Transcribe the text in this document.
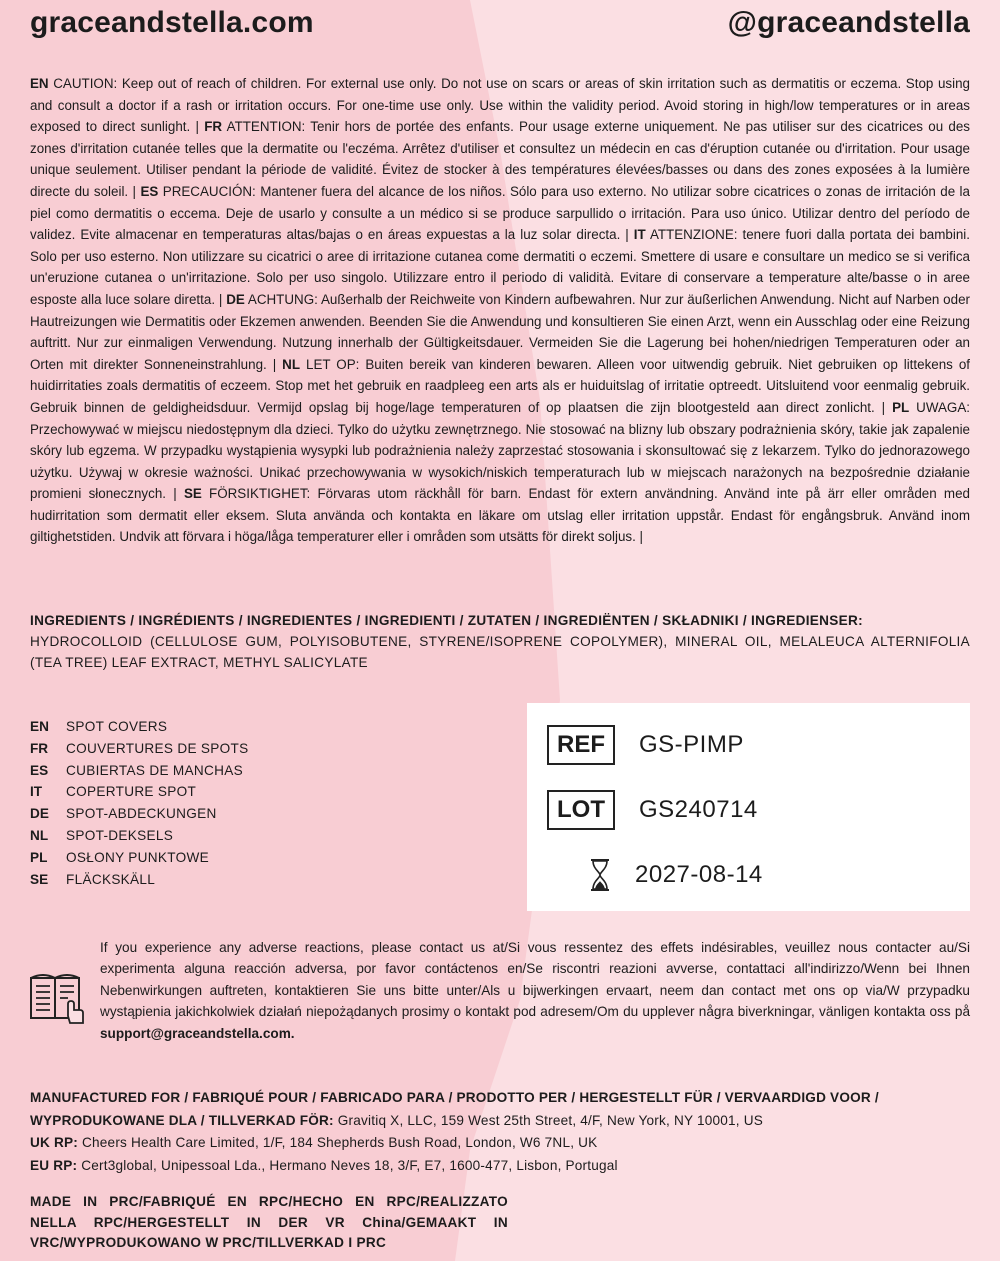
graceandstella.com	@graceandstella
EN CAUTION: Keep out of reach of children. For external use only. Do not use on scars or areas of skin irritation such as dermatitis or eczema. Stop using and consult a doctor if a rash or irritation occurs. For one-time use only. Use within the validity period. Avoid storing in high/low temperatures or in areas exposed to direct sunlight. | FR ATTENTION: Tenir hors de portée des enfants. Pour usage externe uniquement. Ne pas utiliser sur des cicatrices ou des zones d'irritation cutanée telles que la dermatite ou l'eczéma. Arrêtez d'utiliser et consultez un médecin en cas d'éruption cutanée ou d'irritation. Pour usage unique seulement. Utiliser pendant la période de validité. Évitez de stocker à des températures élevées/basses ou dans des zones exposées à la lumière directe du soleil. | ES PRECAUCIÓN: Mantener fuera del alcance de los niños. Sólo para uso externo. No utilizar sobre cicatrices o zonas de irritación de la piel como dermatitis o eccema. Deje de usarlo y consulte a un médico si se produce sarpullido o irritación. Para uso único. Utilizar dentro del período de validez. Evite almacenar en temperaturas altas/bajas o en áreas expuestas a la luz solar directa. | IT ATTENZIONE: tenere fuori dalla portata dei bambini. Solo per uso esterno. Non utilizzare su cicatrici o aree di irritazione cutanea come dermatiti o eczemi. Smettere di usare e consultare un medico se si verifica un'eruzione cutanea o un'irritazione. Solo per uso singolo. Utilizzare entro il periodo di validità. Evitare di conservare a temperature alte/basse o in aree esposte alla luce solare diretta. | DE ACHTUNG: Außerhalb der Reichweite von Kindern aufbewahren. Nur zur äußerlichen Anwendung. Nicht auf Narben oder Hautreizungen wie Dermatitis oder Ekzemen anwenden. Beenden Sie die Anwendung und konsultieren Sie einen Arzt, wenn ein Ausschlag oder eine Reizung auftritt. Nur zur einmaligen Verwendung. Nutzung innerhalb der Gültigkeitsdauer. Vermeiden Sie die Lagerung bei hohen/niedrigen Temperaturen oder an Orten mit direkter Sonneneinstrahlung. | NL LET OP: Buiten bereik van kinderen bewaren. Alleen voor uitwendig gebruik. Niet gebruiken op littekens of huidirritaties zoals dermatitis of eczeem. Stop met het gebruik en raadpleeg een arts als er huiduitslag of irritatie optreedt. Uitsluitend voor eenmalig gebruik. Gebruik binnen de geldigheidsduur. Vermijd opslag bij hoge/lage temperaturen of op plaatsen die zijn blootgesteld aan direct zonlicht. | PL UWAGA: Przechowywać w miejscu niedostępnym dla dzieci. Tylko do użytku zewnętrznego. Nie stosować na blizny lub obszary podrażnienia skóry, takie jak zapalenie skóry lub egzema. W przypadku wystąpienia wysypki lub podrażnienia należy zaprzestać stosowania i skonsultować się z lekarzem. Tylko do jednorazowego użytku. Używaj w okresie ważności. Unikać przechowywania w wysokich/niskich temperaturach lub w miejscach narażonych na bezpośrednie działanie promieni słonecznych. | SE FÖRSIKTIGHET: Förvaras utom räckhåll för barn. Endast för extern användning. Använd inte på ärr eller områden med hudirritation som dermatit eller eksem. Sluta använda och kontakta en läkare om utslag eller irritation uppstår. Endast för engångsbruk. Använd inom giltighetstiden. Undvik att förvara i höga/låga temperaturer eller i områden som utsätts för direkt soljus. |
INGREDIENTS / INGRÉDIENTS / INGREDIENTES / INGREDIENTI / ZUTATEN / INGREDIËNTEN / SKŁADNIKI / INGREDIENSER:
HYDROCOLLOID (CELLULOSE GUM, POLYISOBUTENE, STYRENE/ISOPRENE COPOLYMER), MINERAL OIL, MELALEUCA ALTERNIFOLIA (TEA TREE) LEAF EXTRACT, METHYL SALICYLATE
EN	SPOT COVERS
FR	COUVERTURES DE SPOTS
ES	CUBIERTAS DE MANCHAS
IT	COPERTURE SPOT
DE	SPOT-ABDECKUNGEN
NL	SPOT-DEKSELS
PL	OSŁONY PUNKTOWE
SE	FLÄCKSKÄLL
REF	GS-PIMP
LOT	GS240714
2027-08-14
If you experience any adverse reactions, please contact us at/Si vous ressentez des effets indésirables, veuillez nous contacter au/Si experimenta alguna reacción adversa, por favor contáctenos en/Se riscontri reazioni avverse, contattaci all'indirizzo/Wenn bei Ihnen Nebenwirkungen auftreten, kontaktieren Sie uns bitte unter/Als u bijwerkingen ervaart, neem dan contact met ons op via/W przypadku wystąpienia jakichkolwiek działań niepożądanych prosimy o kontakt pod adresem/Om du upplever några biverkningar, vänligen kontakta oss på support@graceandstella.com.
MANUFACTURED FOR / FABRIQUÉ POUR / FABRICADO PARA / PRODOTTO PER / HERGESTELLT FÜR / VERVAARDIGD VOOR / WYPRODUKOWANE DLA / TILLVERKAD FÖR: Gravitiq X, LLC, 159 West 25th Street, 4/F, New York, NY 10001, US
UK RP: Cheers Health Care Limited, 1/F, 184 Shepherds Bush Road, London, W6 7NL, UK
EU RP: Cert3global, Unipessoal Lda., Hermano Neves 18, 3/F, E7, 1600-477, Lisbon, Portugal
MADE IN PRC/FABRIQUÉ EN RPC/HECHO EN RPC/REALIZZATO NELLA RPC/HERGESTELLT IN DER VR China/GEMAAKT IN VRC/WYPRODUKOWANO W PRC/TILLVERKAD I PRC
